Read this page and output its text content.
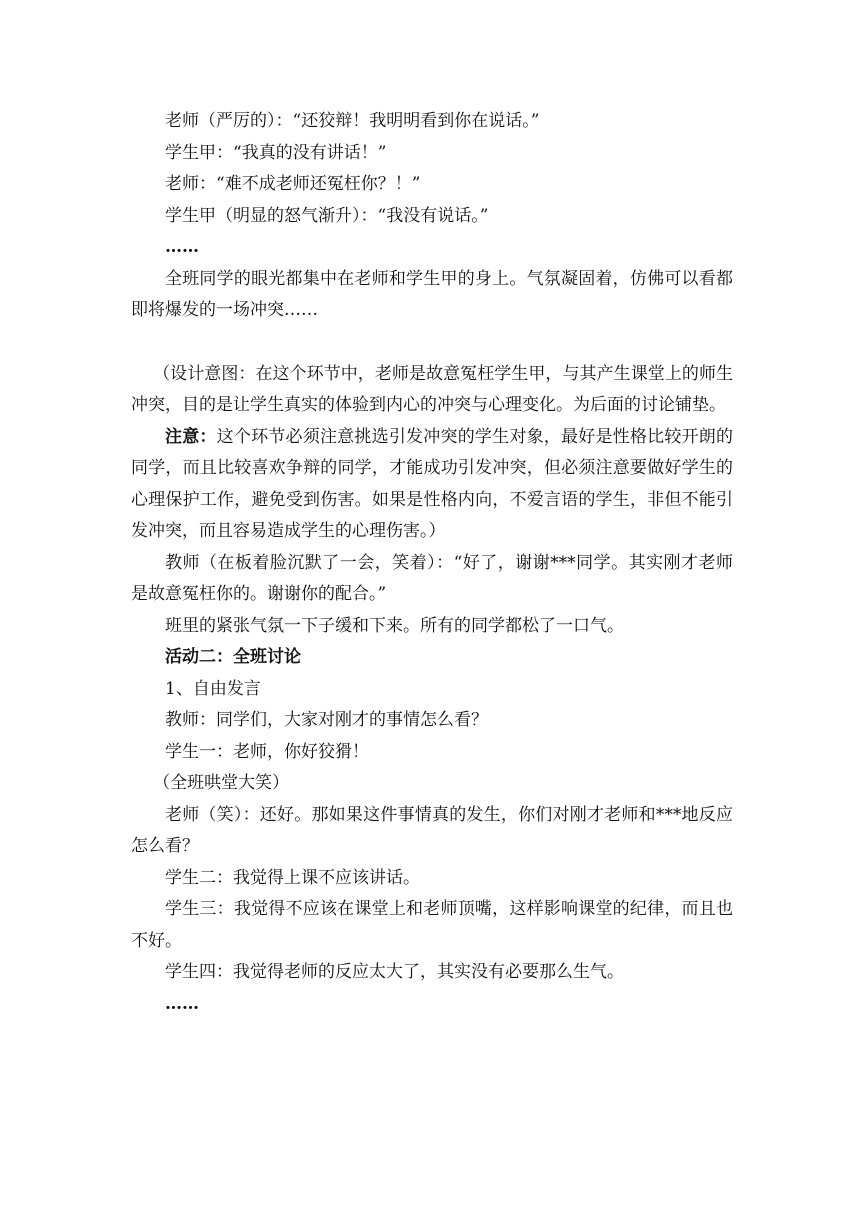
老师（严厉的）：“还狡辩！我明明看到你在说话。”

学生甲：“我真的没有讲话！”

老师：“难不成老师还冤枉你？！”

学生甲（明显的怒气渐升）：“我没有说话。”

……

全班同学的眼光都集中在老师和学生甲的身上。气氛凝固着，仿佛可以看都即将爆发的一场冲突……

（设计意图：在这个环节中，老师是故意冤枉学生甲，与其产生课堂上的师生冲突，目的是让学生真实的体验到内心的冲突与心理变化。为后面的讨论铺垫。

注意：这个环节必须注意挑选引发冲突的学生对象，最好是性格比较开朗的同学，而且比较喜欢争辩的同学，才能成功引发冲突，但必须注意要做好学生的心理保护工作，避免受到伤害。如果是性格内向，不爱言语的学生，非但不能引发冲突，而且容易造成学生的心理伤害。）

教师（在板着脸沉默了一会，笑着）：“好了，谢谢***同学。其实刚才老师是故意冤枉你的。谢谢你的配合。”

班里的紧张气氛一下子缓和下来。所有的同学都松了一口气。

活动二：全班讨论

1、自由发言

教师：同学们，大家对刚才的事情怎么看？

学生一：老师，你好狡猾！

（全班哄堂大笑）

老师（笑）：还好。那如果这件事情真的发生，你们对刚才老师和***地反应怎么看？

学生二：我觉得上课不应该讲话。

学生三：我觉得不应该在课堂上和老师顶嘴，这样影响课堂的纪律，而且也不好。

学生四：我觉得老师的反应太大了，其实没有必要那么生气。

……
